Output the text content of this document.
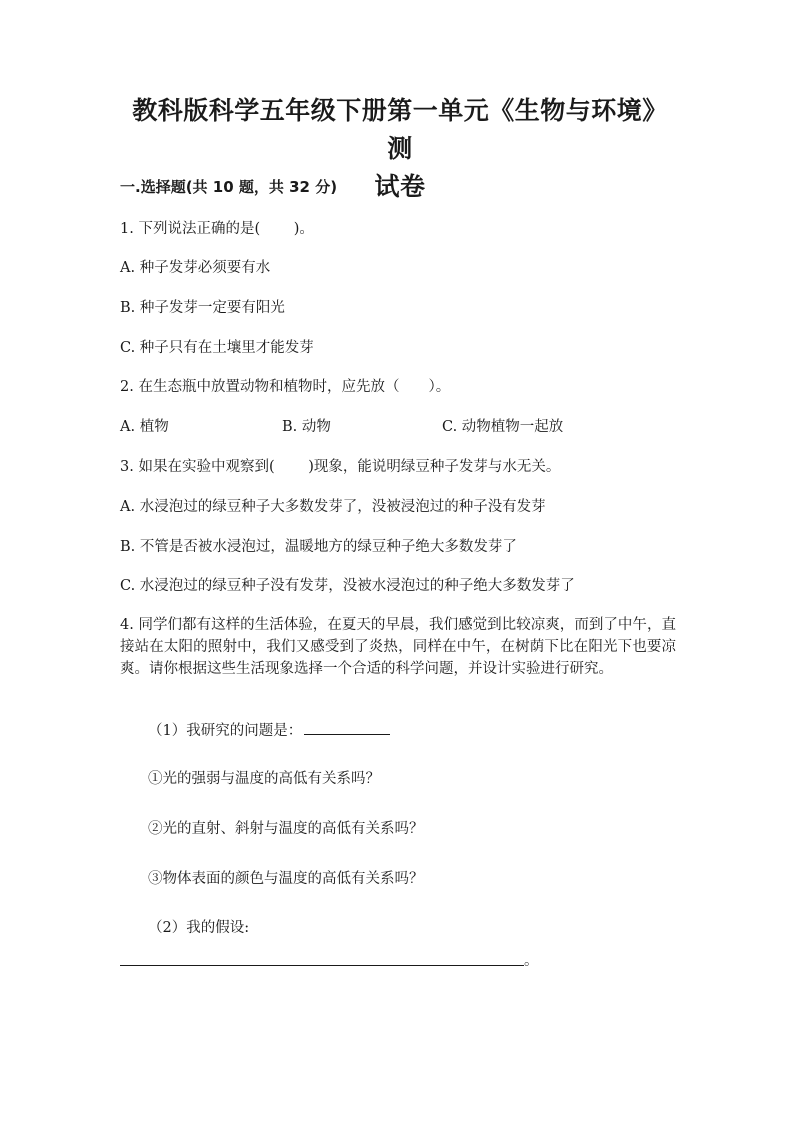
教科版科学五年级下册第一单元《生物与环境》测
试卷
一.选择题(共 10 题，共 32 分)
1. 下列说法正确的是(　　 )。
A. 种子发芽必须要有水
B. 种子发芽一定要有阳光
C. 种子只有在土壤里才能发芽
2. 在生态瓶中放置动物和植物时，应先放（　　）。
A. 植物	B. 动物	C. 动物植物一起放
3. 如果在实验中观察到(　　 )现象，能说明绿豆种子发芽与水无关。
A. 水浸泡过的绿豆种子大多数发芽了，没被浸泡过的种子没有发芽
B. 不管是否被水浸泡过，温暖地方的绿豆种子绝大多数发芽了
C. 水浸泡过的绿豆种子没有发芽，没被水浸泡过的种子绝大多数发芽了
4. 同学们都有这样的生活体验，在夏天的早晨，我们感觉到比较凉爽，而到了中午，直接站在太阳的照射中，我们又感受到了炎热，同样在中午，在树荫下比在阳光下也要凉爽。请你根据这些生活现象选择一个合适的科学问题，并设计实验进行研究。
（1）我研究的问题是：
①光的强弱与温度的高低有关系吗？
②光的直射、斜射与温度的高低有关系吗？
③物体表面的颜色与温度的高低有关系吗？
（2）我的假设:
。
